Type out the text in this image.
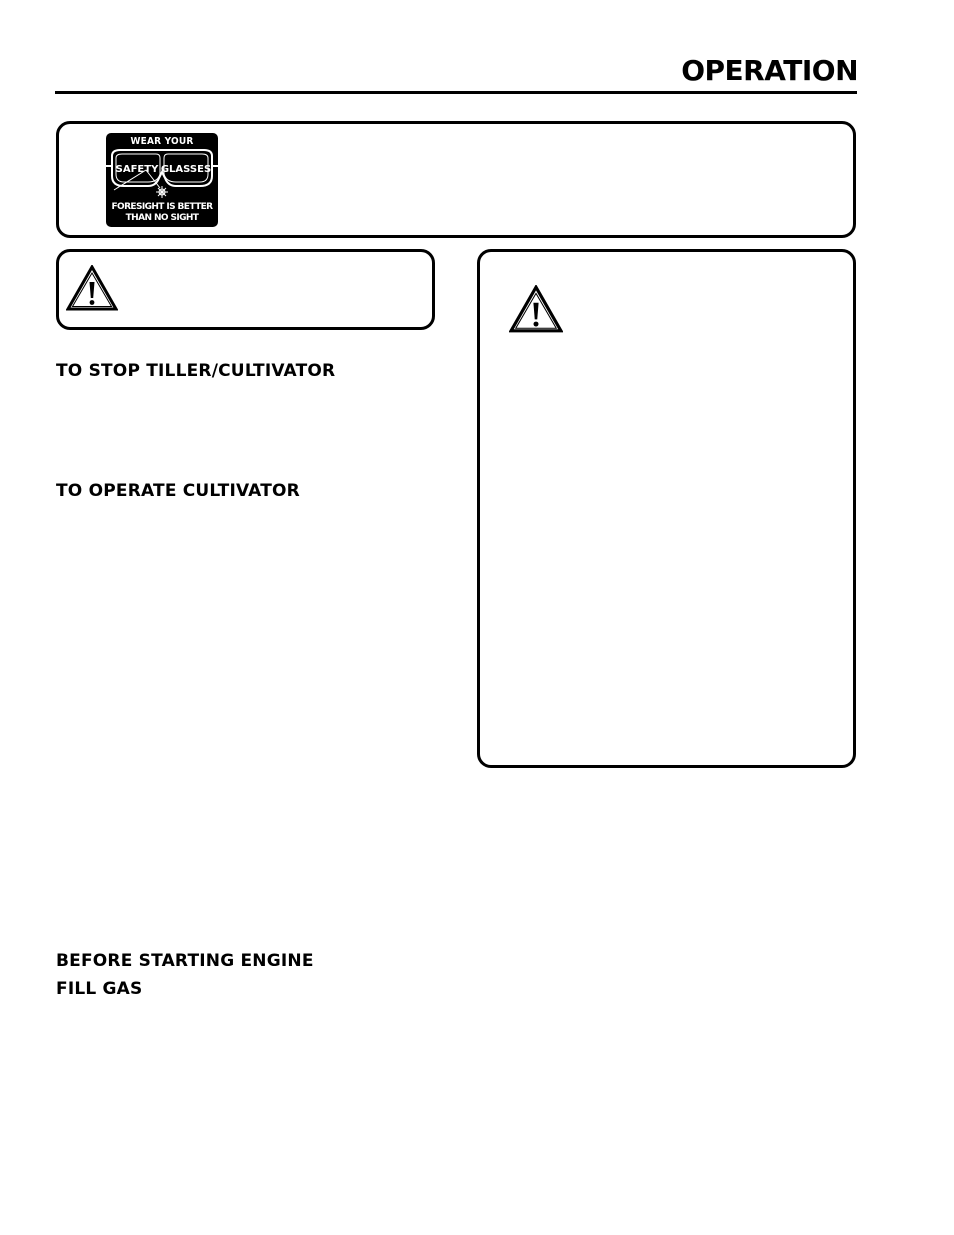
OPERATION
WEAR YOUR
SAFETY GLASSES
FORESIGHT IS BETTER
THAN NO SIGHT
TO STOP TILLER/CULTIVATOR
TO OPERATE CULTIVATOR
BEFORE STARTING ENGINE
FILL GAS
